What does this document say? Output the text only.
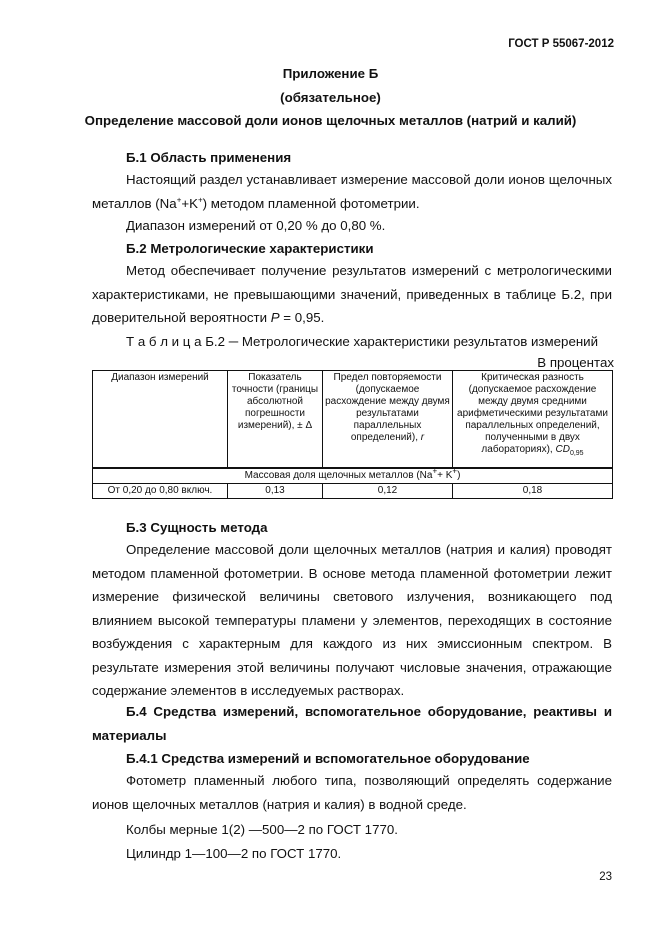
ГОСТ Р 55067-2012
Приложение Б
(обязательное)
Определение массовой доли ионов щелочных металлов (натрий и калий)
Б.1 Область применения
Настоящий раздел устанавливает измерение массовой доли ионов щелочных металлов (Na++K+) методом пламенной фотометрии.
Диапазон измерений от 0,20 % до 0,80 %.
Б.2 Метрологические характеристики
Метод обеспечивает получение результатов измерений с метрологическими характеристиками, не превышающими значений, приведенных в таблице Б.2, при доверительной вероятности Р = 0,95.
Т а б л и ц а Б.2 ─ Метрологические характеристики результатов измерений
В процентах
Диапазон измерений	Показатель точности (границы абсолютной погрешности измерений), ± Δ	Предел повторяемости (допускаемое расхождение между двумя результатами параллельных определений), r	Критическая разность (допускаемое расхождение между двумя средними арифметическими результатами параллельных определений, полученными в двух лабораториях), $CD_{0,95}$
Массовая доля щелочных металлов (Na++ K+)			
От 0,20 до 0,80 включ.	0,13	0,12	0,18
Б.3 Сущность метода
Определение массовой доли щелочных металлов (натрия и калия) проводят методом пламенной фотометрии. В основе метода пламенной фотометрии лежит измерение физической величины светового излучения, возникающего под влиянием высокой температуры пламени у элементов, переходящих в состояние возбуждения с характерным для каждого из них эмиссионным спектром. В результате измерения этой величины получают числовые значения, отражающие содержание элементов в исследуемых растворах.
Б.4 Средства измерений, вспомогательное оборудование, реактивы и материалы
Б.4.1 Средства измерений и вспомогательное оборудование
Фотометр пламенный любого типа, позволяющий определять содержание ионов щелочных металлов (натрия и калия) в водной среде.
Колбы мерные 1(2) —500—2 по ГОСТ 1770.
Цилиндр 1—100—2 по ГОСТ 1770.
23
